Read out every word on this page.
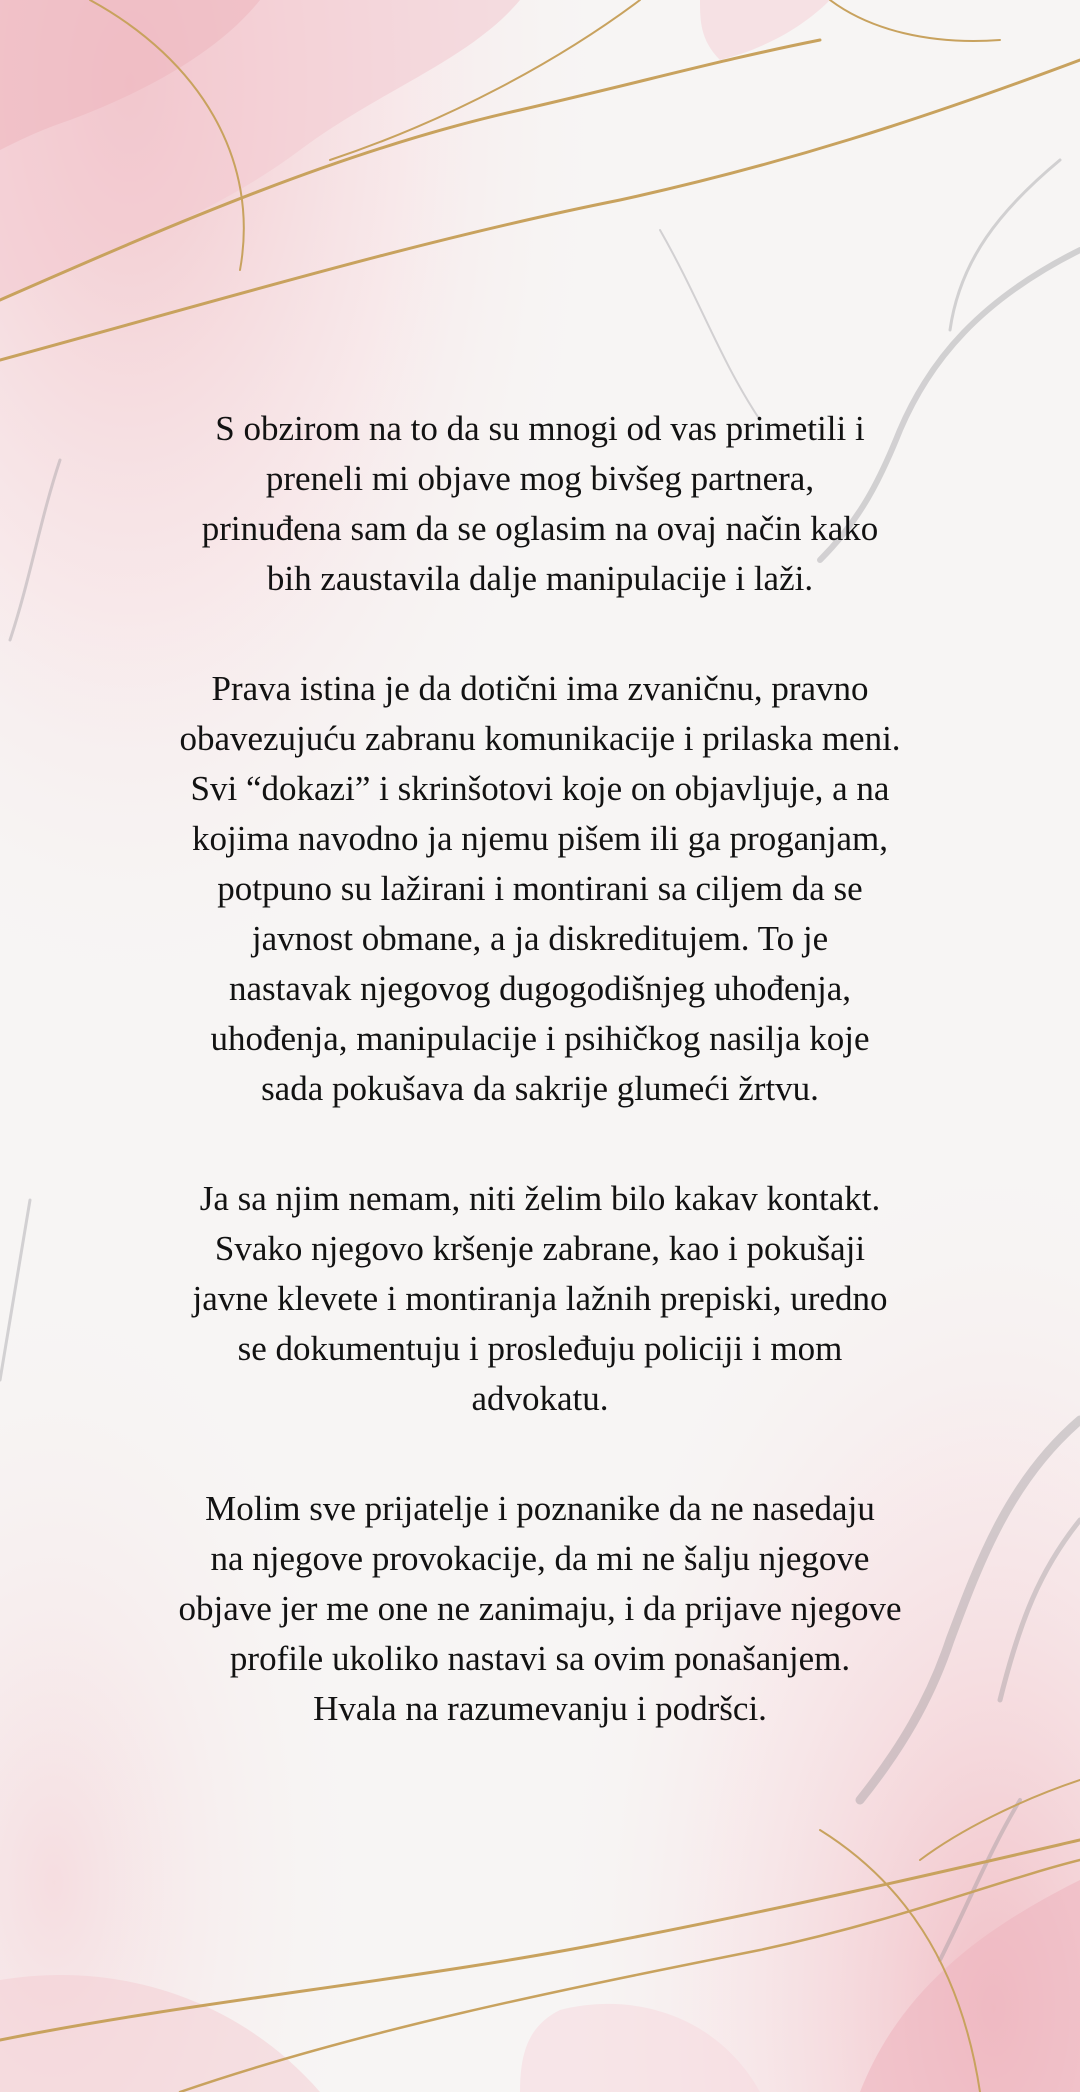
S obzirom na to da su mnogi od vas primetili i
preneli mi objave mog bivšeg partnera,
prinuđena sam da se oglasim na ovaj način kako
bih zaustavila dalje manipulacije i laži.
Prava istina je da dotični ima zvaničnu, pravno
obavezujuću zabranu komunikacije i prilaska meni.
Svi “dokazi” i skrinšotovi koje on objavljuje, a na
kojima navodno ja njemu pišem ili ga proganjam,
potpuno su lažirani i montirani sa ciljem da se
javnost obmane, a ja diskreditujem. To je
nastavak njegovog dugogodišnjeg uhođenja,
uhođenja, manipulacije i psihičkog nasilja koje
sada pokušava da sakrije glumeći žrtvu.
Ja sa njim nemam, niti želim bilo kakav kontakt.
Svako njegovo kršenje zabrane, kao i pokušaji
javne klevete i montiranja lažnih prepiski, uredno
se dokumentuju i prosleđuju policiji i mom
advokatu.
Molim sve prijatelje i poznanike da ne nasedaju
na njegove provokacije, da mi ne šalju njegove
objave jer me one ne zanimaju, i da prijave njegove
profile ukoliko nastavi sa ovim ponašanjem.
Hvala na razumevanju i podršci.
